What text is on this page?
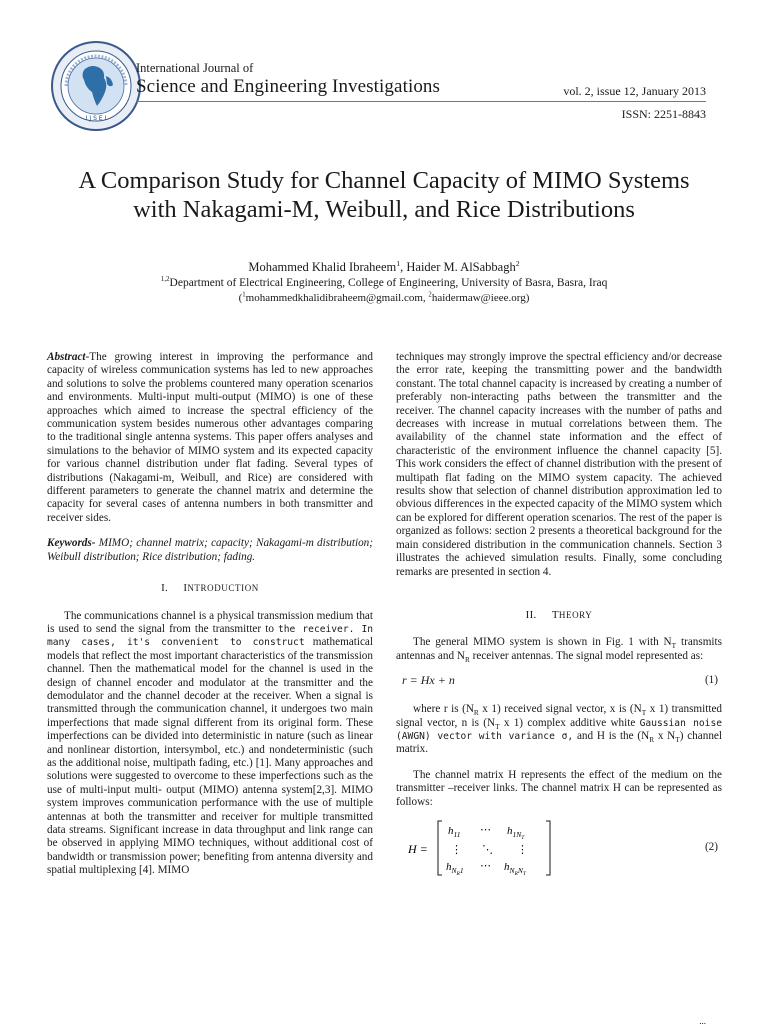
I J S E I
International Journal of
Science and Engineering Investigations	vol. 2, issue 12, January 2013
ISSN: 2251-8843
A Comparison Study for Channel Capacity of MIMO Systems
with Nakagami-M, Weibull, and Rice Distributions
Mohammed Khalid Ibraheem$^1$, Haider M. AlSabbagh$^2$
$^{1,2}$Department of Electrical Engineering, College of Engineering, University of Basra, Basra, Iraq
($^1$mohammedkhalidibraheem@gmail.com, $^2$haidermaw@ieee.org)

Abstract-The growing interest in improving the performance and capacity of wireless communication systems has led to new approaches and solutions to solve the problems countered many operation scenarios and environments. Multi-input multi-output (MIMO) is one of these approaches which aimed to increase the spectral efficiency of the communication system besides numerous other advantages comparing to the traditional single antenna systems. This paper offers analyses and simulations to the behavior of MIMO system and its expected capacity for various channel distribution under flat fading. Several types of distributions (Nakagami-m, Weibull, and Rice) are considered with different parameters to generate the channel matrix and determine the capacity for several cases of antenna numbers in both transmitter and receiver sides.

Keywords- MIMO; channel matrix; capacity; Nakagami-m distribution; Weibull distribution; Rice distribution; fading.

I. INTRODUCTION

The communications channel is a physical transmission medium that is used to send the signal from the transmitter to the receiver. In many cases, it's convenient to construct mathematical models that reflect the most important characteristics of the transmission channel. Then the mathematical model for the channel is used in the design of channel encoder and modulator at the transmitter and the demodulator and the channel decoder at the receiver. When a signal is transmitted through the communication channel, it undergoes two main imperfections that made signal different from its original form. These imperfections can be divided into deterministic in nature (such as linear and nonlinear distortion, intersymbol, etc.) and nondeterministic (such as the additional noise, multipath fading, etc.) [1]. Many approaches and solutions were suggested to overcome to these imperfections such as the use of multi-input multi- output (MIMO) antenna system[2,3]. MIMO system improves communication performance with the use of multiple antennas at both the transmitter and receiver for multiple transmitted data streams. Significant increase in data throughput and link range can be observed in applying MIMO techniques, without additional cost of bandwidth or transmission power; benefiting from antenna diversity and spatial multiplexing [4]. MIMO

techniques may strongly improve the spectral efficiency and/or decrease the error rate, keeping the transmitting power and the bandwidth constant. The total channel capacity is increased by creating a number of preferably non-interacting paths between the transmitter and the receiver. The channel capacity increases with the number of paths and decreases with increase in mutual correlations between them. The availability of the channel state information and the effect of characteristic of the environment influence the channel capacity [5]. This work considers the effect of channel distribution with the present of multipath flat fading on the MIMO system capacity. The achieved results show that selection of channel distribution approximation led to obvious differences in the expected capacity of the MIMO system which can be explored for different operation scenarios. The rest of the paper is organized as follows: section 2 presents a theoretical background for the main considered distribution in the communication channels. Section 3 illustrates the achieved simulation results. Finally, some concluding remarks are presented in section 4.

II. THEORY

The general MIMO system is shown in Fig. 1 with $N_T$ transmits antennas and $N_R$ receiver antennas. The signal model represented as:

r = Hx + n	(1)

where r is ($N_R$ x 1) received signal vector, x is ($N_T$ x 1) transmitted signal vector, n is ($N_T$ x 1) complex additive white Gaussian noise (AWGN) vector with variance σ, and H is the ($N_R$ x $N_T$) channel matrix.

The channel matrix H represents the effect of the medium on the transmitter –receiver links. The channel matrix H can be represented as follows:

H =
$h_{11}$ ⋯ $h_{1N}T$
⋮ ⋱ ⋮
$h_NR1$ ⋯ $h_NRNT$
(2)
...
